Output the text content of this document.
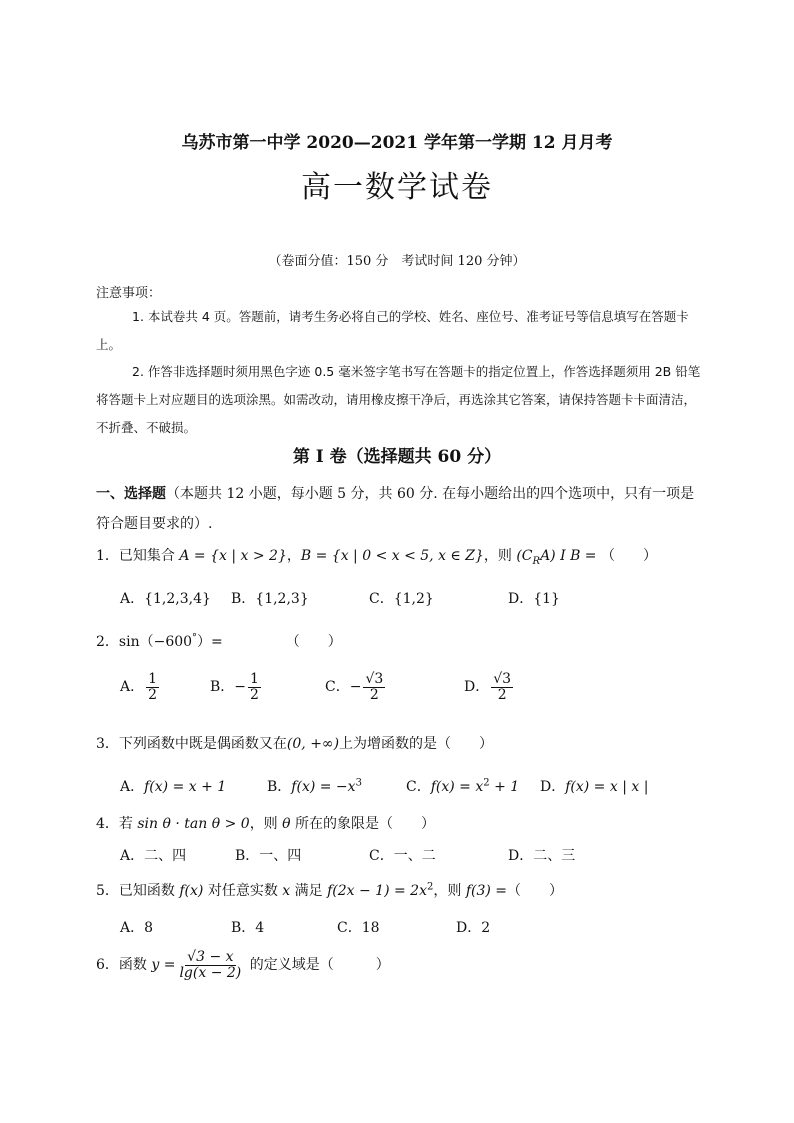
乌苏市第一中学 2020—2021 学年第一学期 12 月月考
高一数学试卷
（卷面分值：150 分　考试时间 120 分钟）
注意事项：
1. 本试卷共 4 页。答题前，请考生务必将自己的学校、姓名、座位号、准考证号等信息填写在答题卡上。
2. 作答非选择题时须用黑色字迹 0.5 毫米签字笔书写在答题卡的指定位置上，作答选择题须用 2B 铅笔将答题卡上对应题目的选项涂黑。如需改动，请用橡皮擦干净后，再选涂其它答案，请保持答题卡卡面清洁，不折叠、不破损。
第 I 卷（选择题共 60 分）
一、选择题（本题共 12 小题，每小题 5 分，共 60 分. 在每小题给出的四个选项中，只有一项是符合题目要求的）.
1．已知集合 A = {x | x > 2}，B = {x | 0 < x < 5, x ∈ Z}，则 $(C_RA)$ I B = （　　）
A．{1,2,3,4} B．{1,2,3}	C．{1,2}	D．{1}
2．sin（−600°）=　　　　　（　　）
A． $\frac{1}{2}$	B．− $\frac{1}{2}$	C．− $\frac{√3}{2}$	D． $\frac{√3}{2}$
3．下列函数中既是偶函数又在(0, +∞)上为增函数的是（　　）
A．f(x) = x + 1	B．$f(x) = -x^3$	C．$f(x) = x^2 + 1$ D．f(x) = x | x |
4．若 sin θ · tan θ > 0，则 θ 所在的象限是（　　）
A．二、四	B．一、四	C．一、二	D．二、三
5．已知函数 f(x) 对任意实数 x 满足 $f(2x - 1) = 2x^2$，则 f(3) =（　　）
A．8	B．4	C．18	D．2
6．函数 $y = \frac{√3 - x}{\lg(x - 2)}$ 的定义域是（　　　）
